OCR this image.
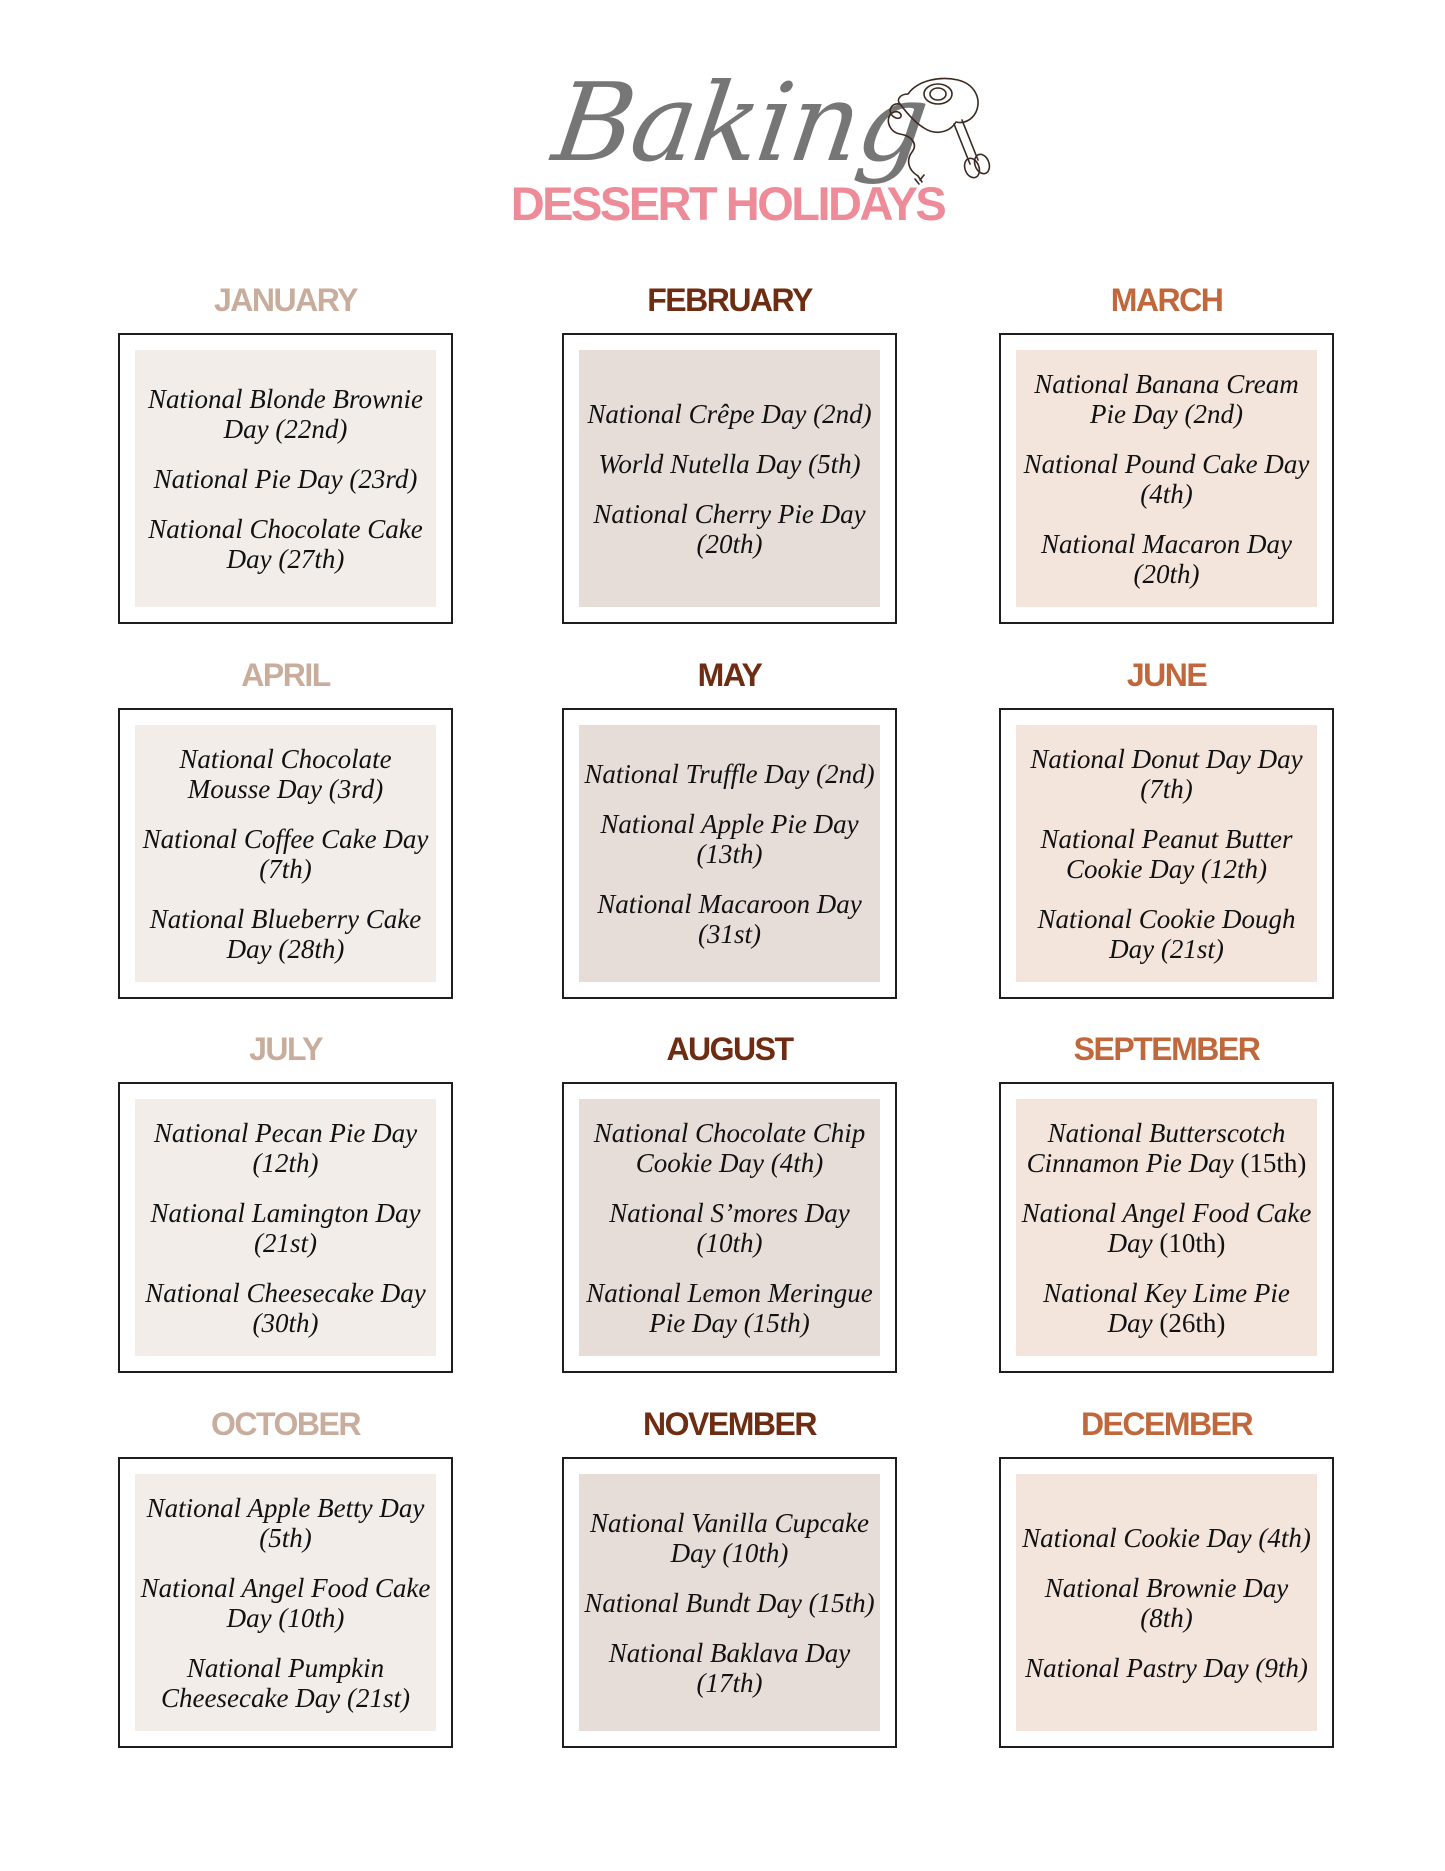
Baking
DESSERT HOLIDAYS
JANUARY
National Blonde Brownie Day (22nd)
National Pie Day (23rd)
National Chocolate Cake Day (27th)
FEBRUARY
National Crêpe Day (2nd)
World Nutella Day (5th)
National Cherry Pie Day (20th)
MARCH
National Banana Cream Pie Day (2nd)
National Pound Cake Day (4th)
National Macaron Day (20th)
APRIL
National Chocolate Mousse Day (3rd)
National Coffee Cake Day (7th)
National Blueberry Cake Day (28th)
MAY
National Truffle Day (2nd)
National Apple Pie Day (13th)
National Macaroon Day (31st)
JUNE
National Donut Day Day (7th)
National Peanut Butter Cookie Day (12th)
National Cookie Dough Day (21st)
JULY
National Pecan Pie Day (12th)
National Lamington Day (21st)
National Cheesecake Day (30th)
AUGUST
National Chocolate Chip Cookie Day (4th)
National S’mores Day (10th)
National Lemon Meringue Pie Day (15th)
SEPTEMBER
National Butterscotch Cinnamon Pie Day (15th)
National Angel Food Cake Day (10th)
National Key Lime Pie Day (26th)
OCTOBER
National Apple Betty Day (5th)
National Angel Food Cake Day (10th)
National Pumpkin Cheesecake Day (21st)
NOVEMBER
National Vanilla Cupcake Day (10th)
National Bundt Day (15th)
National Baklava Day (17th)
DECEMBER
National Cookie Day (4th)
National Brownie Day (8th)
National Pastry Day (9th)
